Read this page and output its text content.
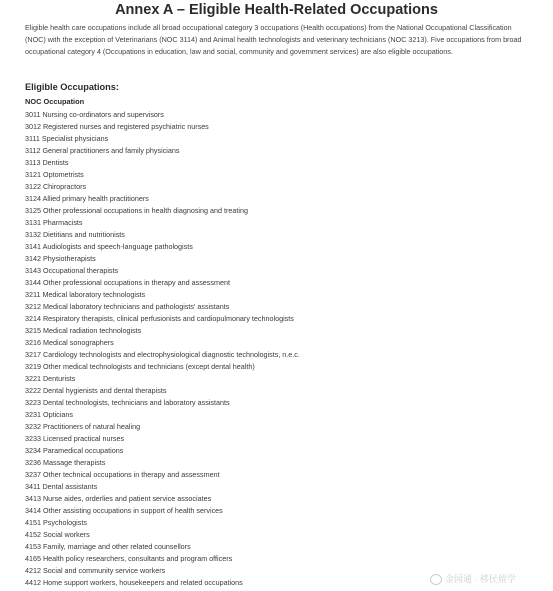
Annex A – Eligible Health-Related Occupations

Eligible health care occupations include all broad occupational category 3 occupations (Health occupations) from the National Occupational Classification (NOC) with the exception of Veterinarians (NOC 3114) and Animal health technologists and veterinary technicians (NOC 3213). Five occupations from broad occupational category 4 (Occupations in education, law and social, community and government services) are also eligible occupations.

Eligible Occupations:
NOC Occupation
3011 Nursing co-ordinators and supervisors
3012 Registered nurses and registered psychiatric nurses
3111 Specialist physicians
3112 General practitioners and family physicians
3113 Dentists
3121 Optometrists
3122 Chiropractors
3124 Allied primary health practitioners
3125 Other professional occupations in health diagnosing and treating
3131 Pharmacists
3132 Dietitians and nutritionists
3141 Audiologists and speech-language pathologists
3142 Physiotherapists
3143 Occupational therapists
3144 Other professional occupations in therapy and assessment
3211 Medical laboratory technologists
3212 Medical laboratory technicians and pathologists' assistants
3214 Respiratory therapists, clinical perfusionists and cardiopulmonary technologists
3215 Medical radiation technologists
3216 Medical sonographers
3217 Cardiology technologists and electrophysiological diagnostic technologists, n.e.c.
3219 Other medical technologists and technicians (except dental health)
3221 Denturists
3222 Dental hygienists and dental therapists
3223 Dental technologists, technicians and laboratory assistants
3231 Opticians
3232 Practitioners of natural healing
3233 Licensed practical nurses
3234 Paramedical occupations
3236 Massage therapists
3237 Other technical occupations in therapy and assessment
3411 Dental assistants
3413 Nurse aides, orderlies and patient service associates
3414 Other assisting occupations in support of health services
4151 Psychologists
4152 Social workers
4153 Family, marriage and other related counsellors
4165 Health policy researchers, consultants and program officers
4212 Social and community service workers
4412 Home support workers, housekeepers and related occupations	金园通 · 移民留学
